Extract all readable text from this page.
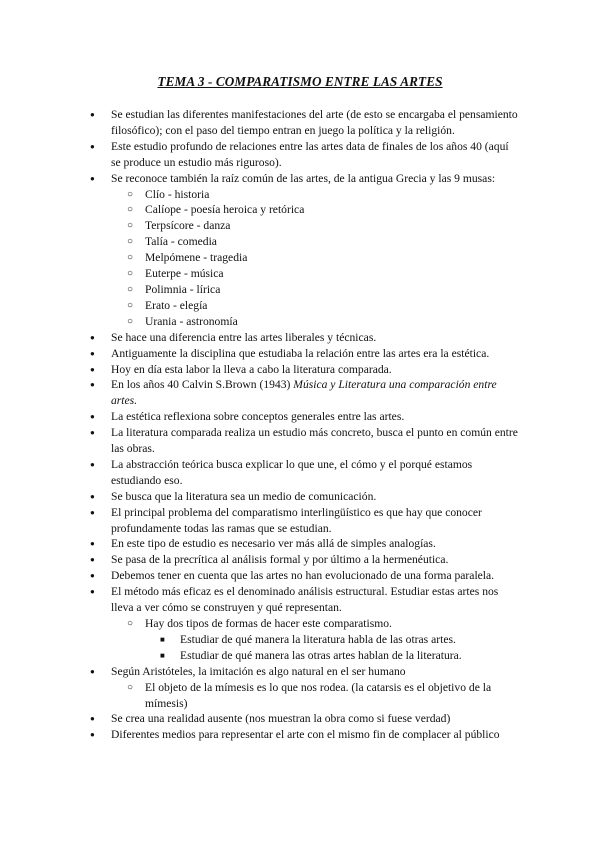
TEMA 3 - COMPARATISMO ENTRE LAS ARTES
● Se estudian las diferentes manifestaciones del arte (de esto se encargaba el pensamiento filosófico); con el paso del tiempo entran en juego la política y la religión.
● Este estudio profundo de relaciones entre las artes data de finales de los años 40 (aquí se produce un estudio más riguroso).
● Se reconoce también la raíz común de las artes, de la antigua Grecia y las 9 musas:
○ Clío - historia
○ Calíope - poesía heroica y retórica
○ Terpsícore - danza
○ Talía - comedia
○ Melpómene - tragedia
○ Euterpe - música
○ Polimnia - lírica
○ Erato - elegía
○ Urania - astronomía
● Se hace una diferencia entre las artes liberales y técnicas.
● Antiguamente la disciplina que estudiaba la relación entre las artes era la estética.
● Hoy en día esta labor la lleva a cabo la literatura comparada.
● En los años 40 Calvin S.Brown (1943) Música y Literatura una comparación entre artes.
● La estética reflexiona sobre conceptos generales entre las artes.
● La literatura comparada realiza un estudio más concreto, busca el punto en común entre las obras.
● La abstracción teórica busca explicar lo que une, el cómo y el porqué estamos estudiando eso.
● Se busca que la literatura sea un medio de comunicación.
● El principal problema del comparatismo interlingüístico es que hay que conocer profundamente todas las ramas que se estudian.
● En este tipo de estudio es necesario ver más allá de simples analogías.
● Se pasa de la precrítica al análisis formal y por último a la hermenéutica.
● Debemos tener en cuenta que las artes no han evolucionado de una forma paralela.
● El método más eficaz es el denominado análisis estructural. Estudiar estas artes nos lleva a ver cómo se construyen y qué representan.
○ Hay dos tipos de formas de hacer este comparatismo.
■ Estudiar de qué manera la literatura habla de las otras artes.
■ Estudiar de qué manera las otras artes hablan de la literatura.
● Según Aristóteles, la imitación es algo natural en el ser humano
○ El objeto de la mímesis es lo que nos rodea. (la catarsis es el objetivo de la mímesis)
● Se crea una realidad ausente (nos muestran la obra como si fuese verdad)
● Diferentes medios para representar el arte con el mismo fin de complacer al público
